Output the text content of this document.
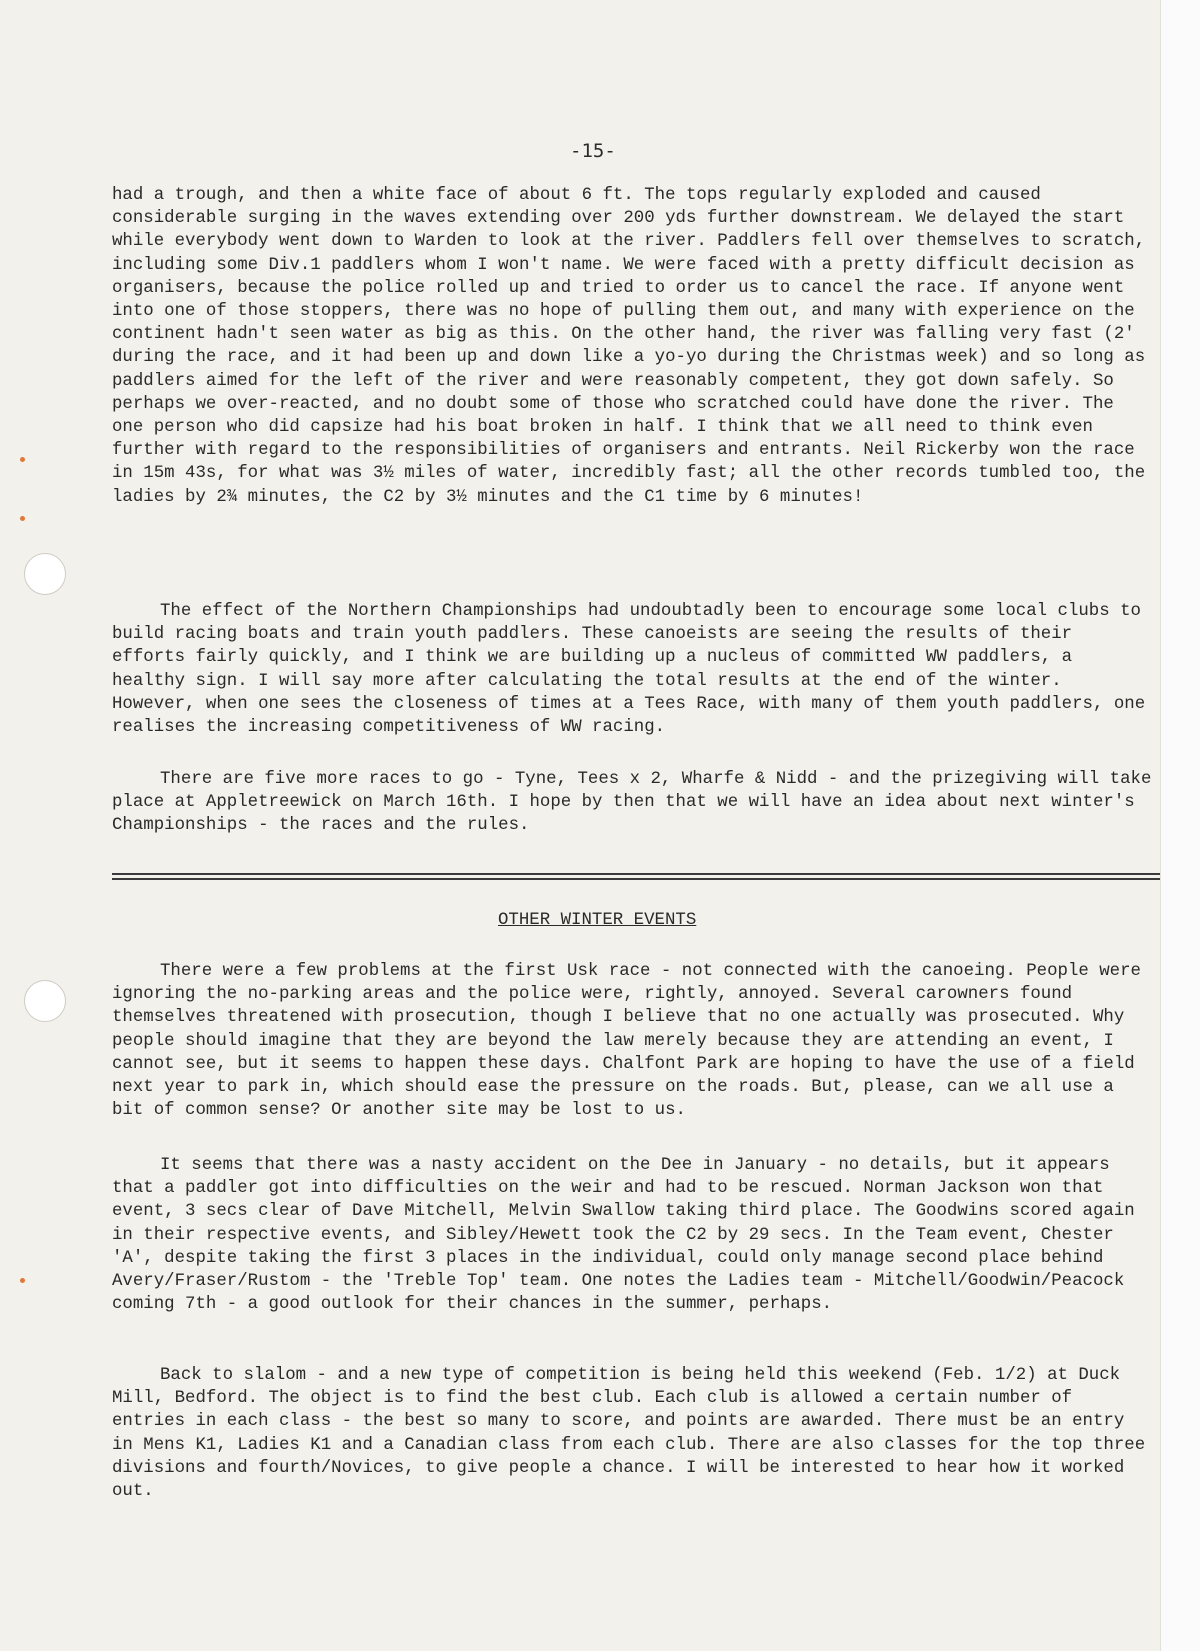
-15-

had a trough, and then a white face of about 6 ft. The tops regularly exploded and caused considerable surging in the waves extending over 200 yds further downstream. We delayed the start while everybody went down to Warden to look at the river. Paddlers fell over themselves to scratch, including some Div.1 paddlers whom I won't name. We were faced with a pretty difficult decision as organisers, because the police rolled up and tried to order us to cancel the race. If anyone went into one of those stoppers, there was no hope of pulling them out, and many with experience on the continent hadn't seen water as big as this. On the other hand, the river was falling very fast (2' during the race, and it had been up and down like a yo-yo during the Christmas week) and so long as paddlers aimed for the left of the river and were reasonably competent, they got down safely. So perhaps we over-reacted, and no doubt some of those who scratched could have done the river. The one person who did capsize had his boat broken in half. I think that we all need to think even further with regard to the responsibilities of organisers and entrants. Neil Rickerby won the race in 15m 43s, for what was 3½ miles of water, incredibly fast; all the other records tumbled too, the ladies by 2¾ minutes, the C2 by 3½ minutes and the C1 time by 6 minutes!

The effect of the Northern Championships had undoubtadly been to encourage some local clubs to build racing boats and train youth paddlers. These canoeists are seeing the results of their efforts fairly quickly, and I think we are building up a nucleus of committed WW paddlers, a healthy sign. I will say more after calculating the total results at the end of the winter. However, when one sees the closeness of times at a Tees Race, with many of them youth paddlers, one realises the increasing competitiveness of WW racing.

There are five more races to go - Tyne, Tees x 2, Wharfe & Nidd - and the prizegiving will take place at Appletreewick on March 16th. I hope by then that we will have an idea about next winter's Championships - the races and the rules.

OTHER WINTER EVENTS

There were a few problems at the first Usk race - not connected with the canoeing. People were ignoring the no-parking areas and the police were, rightly, annoyed. Several carowners found themselves threatened with prosecution, though I believe that no one actually was prosecuted. Why people should imagine that they are beyond the law merely because they are attending an event, I cannot see, but it seems to happen these days. Chalfont Park are hoping to have the use of a field next year to park in, which should ease the pressure on the roads. But, please, can we all use a bit of common sense? Or another site may be lost to us.

It seems that there was a nasty accident on the Dee in January - no details, but it appears that a paddler got into difficulties on the weir and had to be rescued. Norman Jackson won that event, 3 secs clear of Dave Mitchell, Melvin Swallow taking third place. The Goodwins scored again in their respective events, and Sibley/Hewett took the C2 by 29 secs. In the Team event, Chester 'A', despite taking the first 3 places in the individual, could only manage second place behind Avery/Fraser/Rustom - the 'Treble Top' team. One notes the Ladies team - Mitchell/Goodwin/Peacock coming 7th - a good outlook for their chances in the summer, perhaps.

Back to slalom - and a new type of competition is being held this weekend (Feb. 1/2) at Duck Mill, Bedford. The object is to find the best club. Each club is allowed a certain number of entries in each class - the best so many to score, and points are awarded. There must be an entry in Mens K1, Ladies K1 and a Canadian class from each club. There are also classes for the top three divisions and fourth/Novices, to give people a chance. I will be interested to hear how it worked out.
